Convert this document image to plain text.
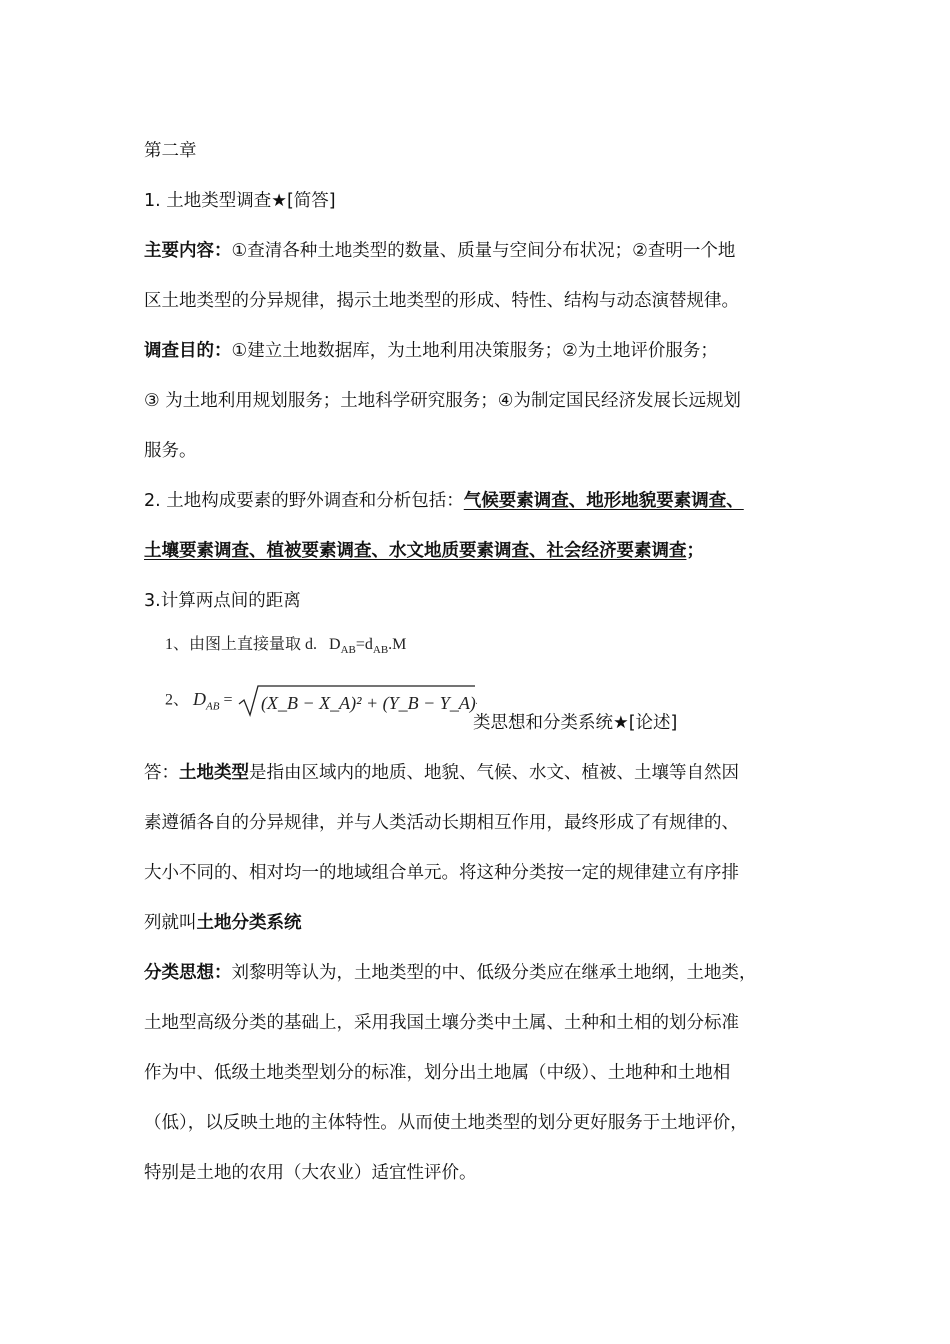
第二章
1. 土地类型调查★[简答]
主要内容：①查清各种土地类型的数量、质量与空间分布状况；②查明一个地
区土地类型的分异规律，揭示土地类型的形成、特性、结构与动态演替规律。
调查目的：①建立土地数据库，为土地利用决策服务；②为土地评价服务；
③ 为土地利用规划服务；土地科学研究服务；④为制定国民经济发展长远规划
服务。
2. 土地构成要素的野外调查和分析包括：气候要素调查、地形地貌要素调查、
土壤要素调查、植被要素调查、水文地质要素调查、社会经济要素调查；
3.计算两点间的距离
1、由图上直接量取 d. $D_{AB}=d_{AB}.M$
2、 $D_{AB}$ = (X_B − X_A)² + (Y_B − Y_A)²
类思想和分类系统★[论述]
答：土地类型是指由区域内的地质、地貌、气候、水文、植被、土壤等自然因
素遵循各自的分异规律，并与人类活动长期相互作用，最终形成了有规律的、
大小不同的、相对均一的地域组合单元。将这种分类按一定的规律建立有序排
列就叫土地分类系统
分类思想：刘黎明等认为，土地类型的中、低级分类应在继承土地纲，土地类，
土地型高级分类的基础上，采用我国土壤分类中土属、土种和土相的划分标准
作为中、低级土地类型划分的标准，划分出土地属（中级）、土地种和土地相
（低），以反映土地的主体特性。从而使土地类型的划分更好服务于土地评价，
特别是土地的农用（大农业）适宜性评价。
